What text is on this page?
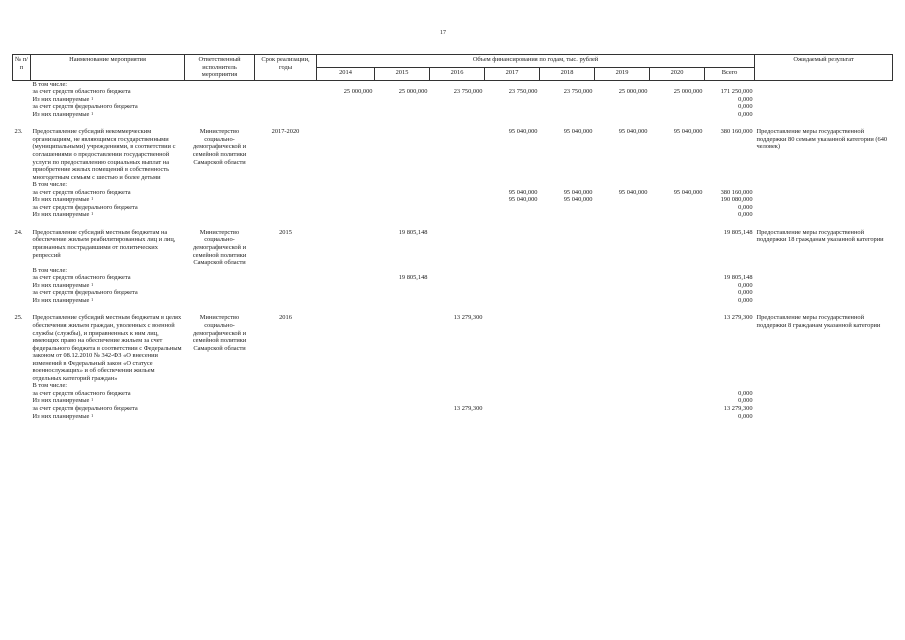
17
№ п/п	Наименование мероприятия	Ответственный исполнитель мероприятия	Срок реализации, годы	Объем финансирования по годам, тыс. рублей								Ожидаемый результат
				2014	2015	2016	2017	2018	2019	2020	Всего	
	В том числе:											
	за счет средств областного бюджета			25 000,000	25 000,000	23 750,000	23 750,000	23 750,000	25 000,000	25 000,000	171 250,000	
	Из них планируемые $^1$										0,000	
	за счет средств федерального бюджета										0,000	
	Из них планируемые $^1$										0,000	

23.	Предоставление субсидий некоммерческим организациям, не являющимся государственными (муниципальными) учреждениями, в соответствии с соглашениями о предоставлении государственной услуги по предоставлению социальных выплат на приобретение жилых помещений в собственность многодетным семьям с шестью и более детьми	Министерство социально-демографической и семейной политики Самарской области	2017-2020				95 040,000	95 040,000	95 040,000	95 040,000	380 160,000	Предоставление меры государственной поддержки 80 семьям указанной категории (640 человек)
	В том числе:											
	за счет средств областного бюджета						95 040,000	95 040,000	95 040,000	95 040,000	380 160,000	
	Из них планируемые $^1$						95 040,000	95 040,000			190 080,000	
	за счет средств федерального бюджета										0,000	
	Из них планируемые $^1$										0,000	

24.	Предоставление субсидий местным бюджетам на обеспечение жильем реабилитированных лиц и лиц, признанных пострадавшими от политических репрессий	Министерство социально-демографической и семейной политики Самарской области	2015		19 805,148						19 805,148	Предоставление меры государственной поддержки 18 гражданам указанной категории
	В том числе:											
	за счет средств областного бюджета				19 805,148						19 805,148	
	Из них планируемые $^1$										0,000	
	за счет средств федерального бюджета										0,000	
	Из них планируемые $^1$										0,000	

25.	Предоставление субсидий местным бюджетам в целях обеспечения жильем граждан, уволенных с военной службы (службы), и приравненных к ним лиц, имеющих право на обеспечение жильем за счет федерального бюджета в соответствии с Федеральным законом от 08.12.2010 № 342-ФЗ «О внесении изменений в Федеральный закон «О статусе военнослужащих» и об обеспечении жильем отдельных категорий граждан»	Министерство социально-демографической и семейной политики Самарской области	2016			13 279,300					13 279,300	Предоставление меры государственной поддержки 8 гражданам указанной категории
	В том числе:											
	за счет средств областного бюджета										0,000	
	Из них планируемые $^1$										0,000	
	за счет средств федерального бюджета					13 279,300					13 279,300	
	Из них планируемые $^1$										0,000	
